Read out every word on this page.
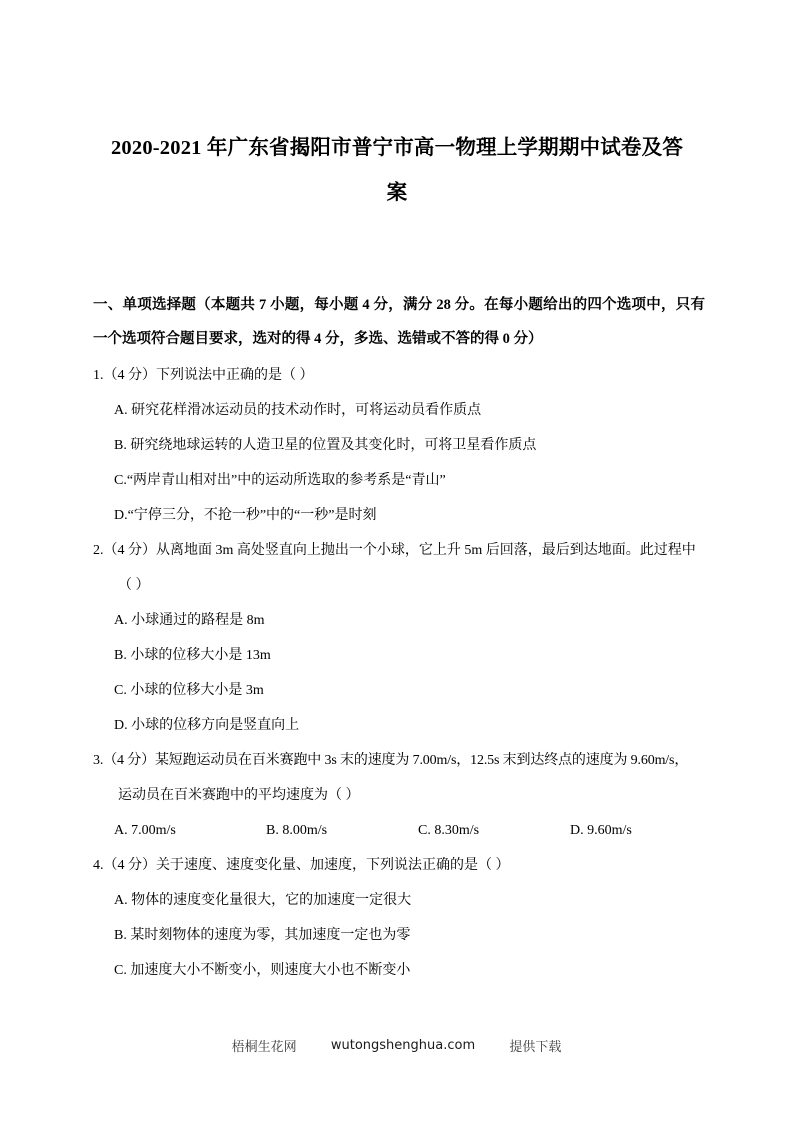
2020-2021 年广东省揭阳市普宁市高一物理上学期期中试卷及答
案
一、单项选择题（本题共 7 小题，每小题 4 分，满分 28 分。在每小题给出的四个选项中，只有一个选项符合题目要求，选对的得 4 分，多选、选错或不答的得 0 分）
1.（4 分）下列说法中正确的是（ ）
A. 研究花样滑冰运动员的技术动作时，可将运动员看作质点
B. 研究绕地球运转的人造卫星的位置及其变化时，可将卫星看作质点
C.“两岸青山相对出”中的运动所选取的参考系是“青山”
D.“宁停三分，不抢一秒”中的“一秒”是时刻
2.（4 分）从离地面 3m 高处竖直向上抛出一个小球，它上升 5m 后回落，最后到达地面。此过程中
（ ）
A. 小球通过的路程是 8m
B. 小球的位移大小是 13m
C. 小球的位移大小是 3m
D. 小球的位移方向是竖直向上
3.（4 分）某短跑运动员在百米赛跑中 3s 末的速度为 7.00m/s，12.5s 末到达终点的速度为 9.60m/s，
运动员在百米赛跑中的平均速度为（ ）
A. 7.00m/s	B. 8.00m/s	C. 8.30m/s	D. 9.60m/s
4.（4 分）关于速度、速度变化量、加速度，下列说法正确的是（ ）
A. 物体的速度变化量很大，它的加速度一定很大
B. 某时刻物体的速度为零，其加速度一定也为零
C. 加速度大小不断变小，则速度大小也不断变小
梧桐生花网	wutongshenghua.com	提供下载
